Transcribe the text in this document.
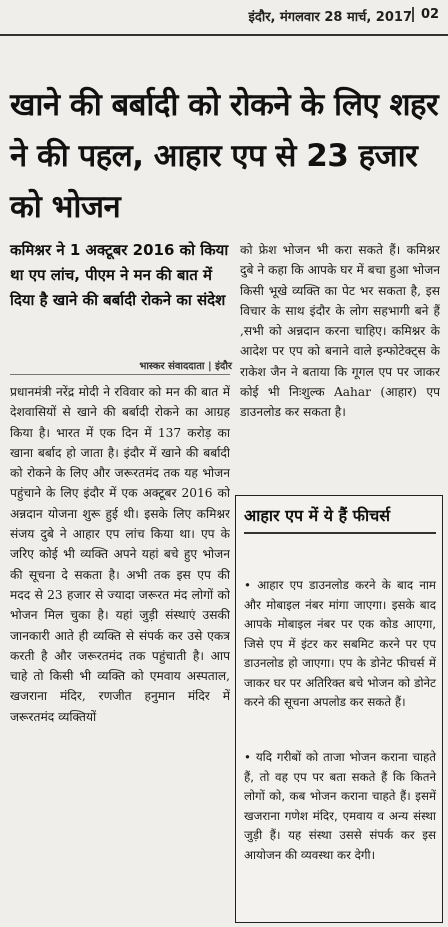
इंदौर, मंगलवार 28 मार्च, 2017 02
खाने की बर्बादी को रोकने के लिए शहर ने की पहल, आहार एप से 23 हजार को भोजन

कमिश्नर ने 1 अक्टूबर 2016 को किया था एप लांच, पीएम ने मन की बात में दिया है खाने की बर्बादी रोकने का संदेश

भास्कर संवाददाता | इंदौर

प्रधानमंत्री नरेंद्र मोदी ने रविवार को मन की बात में देशवासियों से खाने की बर्बादी रोकने का आग्रह किया है। भारत में एक दिन में 137 करोड़ का खाना बर्बाद हो जाता है। इंदौर में खाने की बर्बादी को रोकने के लिए और जरूरतमंद तक यह भोजन पहुंचाने के लिए इंदौर में एक अक्टूबर 2016 को अन्नदान योजना शुरू हुई थी। इसके लिए कमिश्नर संजय दुबे ने आहार एप लांच किया था। एप के जरिए कोई भी व्यक्ति अपने यहां बचे हुए भोजन की सूचना दे सकता है। अभी तक इस एप की मदद से 23 हजार से ज्यादा जरूरत मंद लोगों को भोजन मिल चुका है। यहां जुड़ी संस्थाएं उसकी जानकारी आते ही व्यक्ति से संपर्क कर उसे एकत्र करती है और जरूरतमंद तक पहुंचाती है। आप चाहे तो किसी भी व्यक्ति को एमवाय अस्पताल, खजराना मंदिर, रणजीत हनुमान मंदिर में जरूरतमंद व्यक्तियों

को फ्रेश भोजन भी करा सकते हैं। कमिश्नर दुबे ने कहा कि आपके घर में बचा हुआ भोजन किसी भूखे व्यक्ति का पेट भर सकता है, इस विचार के साथ इंदौर के लोग सहभागी बने हैं ,सभी को अन्नदान करना चाहिए। कमिश्नर के आदेश पर एप को बनाने वाले इन्फोटेक्ट्स के राकेश जैन ने बताया कि गूगल एप पर जाकर कोई भी निःशुल्क Aahar (आहार) एप डाउनलोड कर सकता है।

आहार एप में ये हैं फीचर्स

• आहार एप डाउनलोड करने के बाद नाम और मोबाइल नंबर मांगा जाएगा। इसके बाद आपके मोबाइल नंबर पर एक कोड आएगा, जिसे एप में इंटर कर सबमिट करने पर एप डाउनलोड हो जाएगा। एप के डोनेट फीचर्स में जाकर घर पर अतिरिक्त बचे भोजन को डोनेट करने की सूचना अपलोड कर सकते हैं।

• यदि गरीबों को ताजा भोजन कराना चाहते हैं, तो वह एप पर बता सकते हैं कि कितने लोगों को, कब भोजन कराना चाहते हैं। इसमें खजराना गणेश मंदिर, एमवाय व अन्य संस्था जुड़ी हैं। यह संस्था उससे संपर्क कर इस आयोजन की व्यवस्था कर देगी।
